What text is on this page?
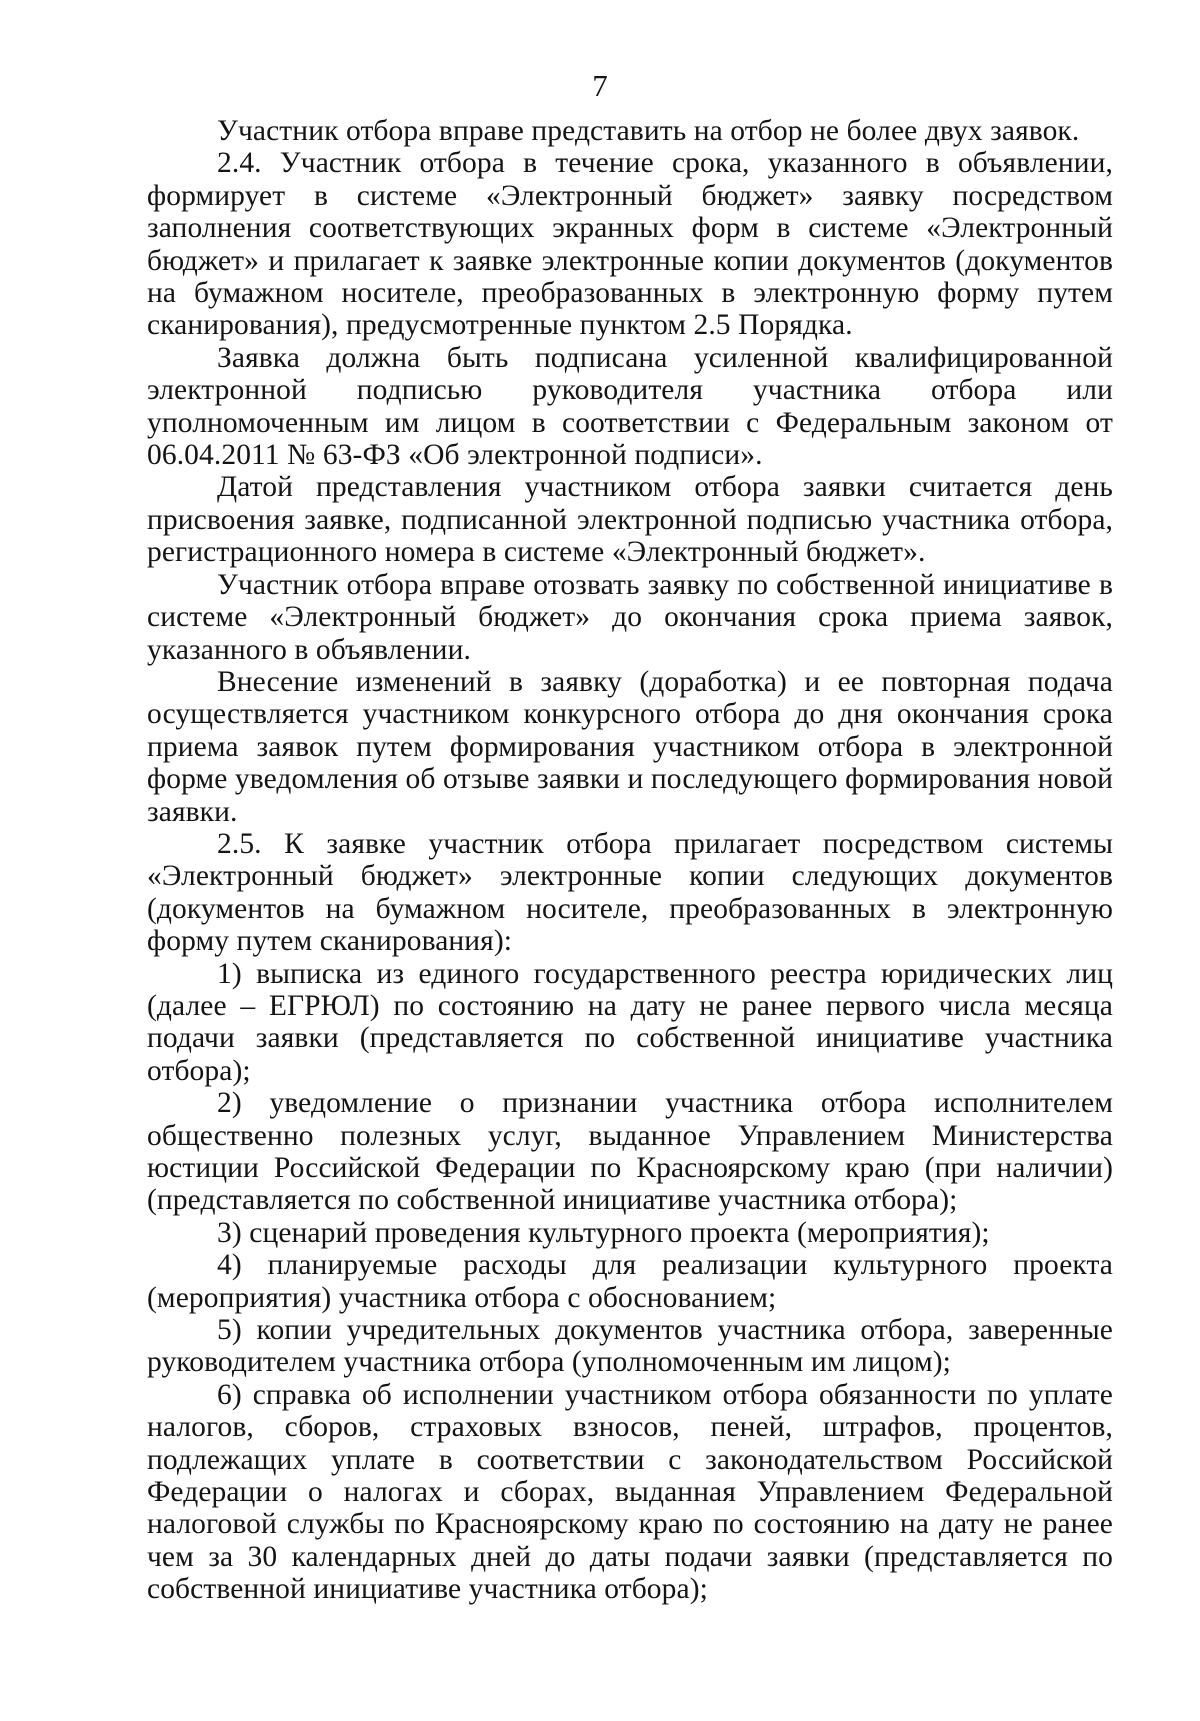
7

Участник отбора вправе представить на отбор не более двух заявок.

2.4. Участник отбора в течение срока, указанного в объявлении, формирует в системе «Электронный бюджет» заявку посредством заполнения соответствующих экранных форм в системе «Электронный бюджет» и прилагает к заявке электронные копии документов (документов на бумажном носителе, преобразованных в электронную форму путем сканирования), предусмотренные пунктом 2.5 Порядка.

Заявка должна быть подписана усиленной квалифицированной электронной подписью руководителя участника отбора или уполномоченным им лицом в соответствии с Федеральным законом от 06.04.2011 № 63-ФЗ «Об электронной подписи».

Датой представления участником отбора заявки считается день присвоения заявке, подписанной электронной подписью участника отбора, регистрационного номера в системе «Электронный бюджет».

Участник отбора вправе отозвать заявку по собственной инициативе в системе «Электронный бюджет» до окончания срока приема заявок, указанного в объявлении.

Внесение изменений в заявку (доработка) и ее повторная подача осуществляется участником конкурсного отбора до дня окончания срока приема заявок путем формирования участником отбора в электронной форме уведомления об отзыве заявки и последующего формирования новой заявки.

2.5. К заявке участник отбора прилагает посредством системы «Электронный бюджет» электронные копии следующих документов (документов на бумажном носителе, преобразованных в электронную форму путем сканирования):

1) выписка из единого государственного реестра юридических лиц (далее – ЕГРЮЛ) по состоянию на дату не ранее первого числа месяца подачи заявки (представляется по собственной инициативе участника отбора);

2) уведомление о признании участника отбора исполнителем общественно полезных услуг, выданное Управлением Министерства юстиции Российской Федерации по Красноярскому краю (при наличии) (представляется по собственной инициативе участника отбора);

3) сценарий проведения культурного проекта (мероприятия);

4) планируемые расходы для реализации культурного проекта (мероприятия) участника отбора с обоснованием;

5) копии учредительных документов участника отбора, заверенные руководителем участника отбора (уполномоченным им лицом);

6) справка об исполнении участником отбора обязанности по уплате налогов, сборов, страховых взносов, пеней, штрафов, процентов, подлежащих уплате в соответствии с законодательством Российской Федерации о налогах и сборах, выданная Управлением Федеральной налоговой службы по Красноярскому краю по состоянию на дату не ранее чем за 30 календарных дней до даты подачи заявки (представляется по собственной инициативе участника отбора);
